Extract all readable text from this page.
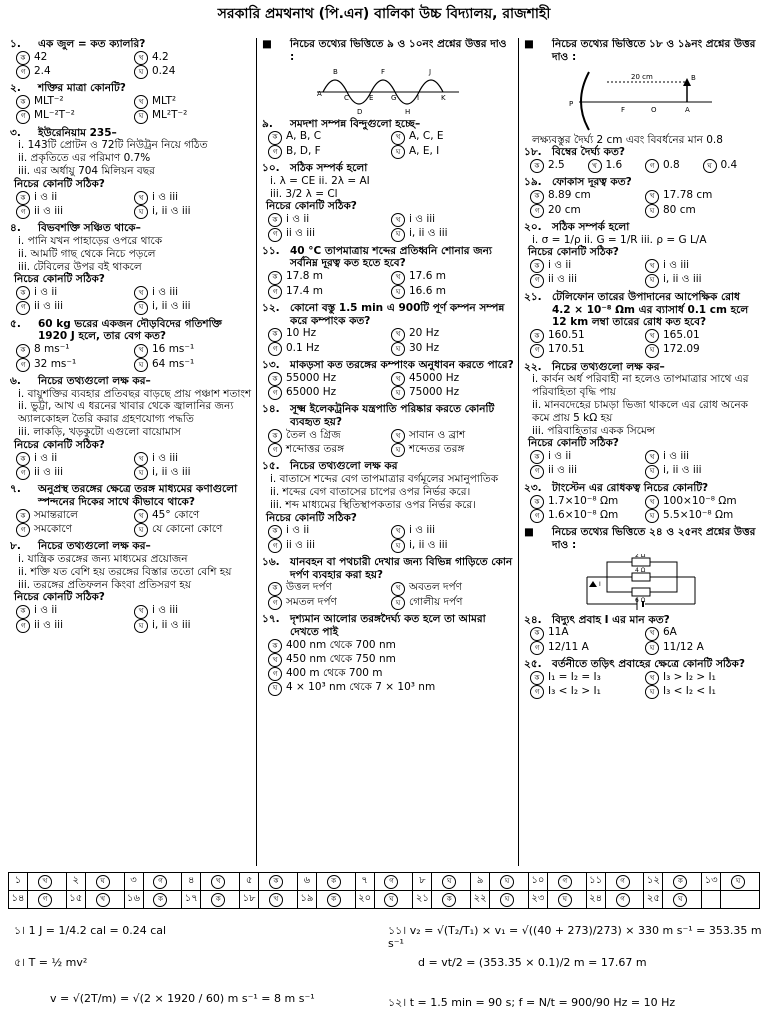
সরকারি প্রমথনাথ (পি.এন) বালিকা উচ্চ বিদ্যালয়, রাজশাহী
১.	এক জুল = কত ক্যালরি?
ক 42	খ 4.2
গ 2.4	ঘ 0.24
২.	শক্তির মাত্রা কোনটি?
ক MLT⁻²	খ MLT²
গ ML⁻²T⁻²	ঘ ML²T⁻²
৩.	ইউরেনিয়াম 235–
i. 143টি প্রোটন ও 72টি নিউট্রন নিয়ে গঠিত
ii. প্রকৃতিতে এর পরিমাণ 0.7%
iii. এর অর্ধায়ু 704 মিলিয়ন বছর
নিচের কোনটি সঠিক?
ক i ও ii	খ i ও iii
গ ii ও iii	ঘ i, ii ও iii
৪.	বিভবশক্তি সঞ্চিত থাকে–
i. পানি যখন পাহাড়ের ওপরে থাকে
ii. আমটি গাছ থেকে নিচে পড়লে
iii. টেবিলের উপর বই থাকলে
নিচের কোনটি সঠিক?
ক i ও ii	খ i ও iii
গ ii ও iii	ঘ i, ii ও iii
৫.	60 kg ভরের একজন দৌড়বিদের গতিশক্তি 1920 J হলে, তার বেগ কত?
ক 8 ms⁻¹	খ 16 ms⁻¹
গ 32 ms⁻¹	ঘ 64 ms⁻¹
৬.	নিচের তথ্যগুলো লক্ষ কর–
i. বায়ুশক্তির ব্যবহার প্রতিবছর বাড়ছে প্রায় পঞ্চাশ শতাংশ
ii. ভুট্টা, আখ এ ধরনের খাবার থেকে জ্বালানির জন্য অ্যালকোহল তৈরি করার গ্রহণযোগ্য পদ্ধতি
iii. লাকড়ি, খড়কুটো এগুলো বায়োমাস
নিচের কোনটি সঠিক?
ক i ও ii	খ i ও iii
গ ii ও iii	ঘ i, ii ও iii
৭.	অনুপ্রস্থ তরঙ্গের ক্ষেত্রে তরঙ্গ মাধ্যমের কণাগুলো স্পন্দনের দিকের সাথে কীভাবে থাকে?
ক সমান্তরালে	খ 45° কোণে
গ সমকোণে	ঘ যে কোনো কোণে
৮.	নিচের তথ্যগুলো লক্ষ কর–
i. যান্ত্রিক তরঙ্গের জন্য মাধ্যমের প্রয়োজন
ii. শক্তি যত বেশি হয় তরঙ্গের বিস্তার ততো বেশি হয়
iii. তরঙ্গের প্রতিফলন কিংবা প্রতিসরণ হয়
নিচের কোনটি সঠিক?
ক i ও ii	খ i ও iii
গ ii ও iii	ঘ i, ii ও iii
■	নিচের তথ্যের ভিত্তিতে ৯ ও ১০নং প্রশ্নের উত্তর দাও :
A
B
C
D
E
F
G
H
I
J
K
৯.	সমদশা সম্পন্ন বিন্দুগুলো হচ্ছে–
ক A, B, C	খ A, C, E
গ B, D, F	ঘ A, E, I
১০. সঠিক সম্পর্ক হলো
i. λ = CE ii. 2λ = AI
iii. 3/2 λ = Cl
নিচের কোনটি সঠিক?
ক i ও ii	খ i ও iii
গ ii ও iii	ঘ i, ii ও iii
১১. 40 °C তাপমাত্রায় শব্দের প্রতিধ্বনি শোনার জন্য সর্বনিম্ন দূরত্ব কত হতে হবে?
ক 17.8 m	খ 17.6 m
গ 17.4 m	ঘ 16.6 m
১২. কোনো বস্তু 1.5 min এ 900টি পূর্ণ কম্পন সম্পন্ন করে কম্পাংক কত?
ক 10 Hz	খ 20 Hz
গ 0.1 Hz	ঘ 30 Hz
১৩. মাকড়সা কত তরঙ্গের কম্পাংক অনুধাবন করতে পারে?
ক 55000 Hz	খ 45000 Hz
গ 65000 Hz	ঘ 75000 Hz
১৪. সূক্ষ্ম ইলেকট্রনিক যন্ত্রপাতি পরিষ্কার করতে কোনটি ব্যবহৃত হয়?
ক তৈল ও গ্রিজ	খ সাবান ও ব্রাশ
গ শব্দোত্তর তরঙ্গ	ঘ শব্দেতর তরঙ্গ
১৫. নিচের তথ্যগুলো লক্ষ কর
i. বাতাসে শব্দের বেগ তাপমাত্রার বর্গমূলের সমানুপাতিক
ii. শব্দের বেগ বাতাসের চাপের ওপর নির্ভর করে।
iii. শব্দ মাধ্যমের স্থিতিস্থাপকতার ওপর নির্ভর করে।
নিচের কোনটি সঠিক?
ক i ও ii	খ i ও iii
গ ii ও iii	ঘ i, ii ও iii
১৬. যানবহন বা পথচারী দেখার জন্য বিভিন্ন গাড়িতে কোন দর্পণ ব্যবহার করা হয়?
ক উত্তল দর্পণ	খ অবতল দর্পণ
গ সমতল দর্পণ	ঘ গোলীয় দর্পণ
১৭. দৃশ্যমান আলোর তরঙ্গদৈর্ঘ্য কত হলে তা আমরা দেখতে পাই
ক 400 nm থেকে 700 nm
খ 450 nm থেকে 750 nm
গ 400 m থেকে 700 m
ঘ 4 × 10³ nm থেকে 7 × 10³ nm
■	নিচের তথ্যের ভিত্তিতে ১৮ ও ১৯নং প্রশ্নের উত্তর দাও :
P
F	O	A
B
20 cm
লক্ষ্যবস্তুর দৈর্ঘ্য 2 cm এবং বিবর্ধনের মান 0.8
১৮. বিম্বের দৈর্ঘ্য কত?
ক 2.5	খ 1.6	গ 0.8	ঘ 0.4
১৯. ফোকাস দূরত্ব কত?
ক 8.89 cm	খ 17.78 cm
গ 20 cm	ঘ 80 cm
২০. সঠিক সম্পর্ক হলো
i. σ = 1/ρ ii. G = 1/R iii. ρ = G L/A
নিচের কোনটি সঠিক?
ক i ও ii	খ i ও iii
গ ii ও iii	ঘ i, ii ও iii
২১. টেলিফোন তারের উপাদানের আপেক্ষিক রোধ 4.2 × 10⁻⁸ Ωm এর ব্যাসার্ধ 0.1 cm হলে 12 km লম্বা তারের রোধ কত হবে?
ক 160.51	খ 165.01
গ 170.51	ঘ 172.09
২২. নিচের তথ্যগুলো লক্ষ কর–
i. কার্বন অর্ধ পরিবাহী না হলেও তাপমাত্রার সাথে এর পরিবাহিতা বৃদ্ধি পায়
ii. মানবদেহের চামড়া ভিজা থাকলে এর রোধ অনেক কমে প্রায় 5 kΩ হয়
iii. পরিবাহিতার একক সিমেন্স
নিচের কোনটি সঠিক?
ক i ও ii	খ i ও iii
গ ii ও iii	ঘ i, ii ও iii
২৩. টাংস্টেন এর রোধকত্ব নিচের কোনটি?
ক 1.7×10⁻⁸ Ωm	খ 100×10⁻⁸ Ωm
গ 1.6×10⁻⁸ Ωm	ঘ 5.5×10⁻⁸ Ωm
■	নিচের তথ্যের ভিত্তিতে ২৪ ও ২৫নং প্রশ্নের উত্তর দাও :
2 Ω
4 Ω
6 Ω
I
২৪. বিদ্যুৎ প্রবাহ I এর মান কত?
ক 11A	খ 6A
গ 12/11 A	ঘ 11/12 A
২৫. বর্তনীতে তড়িৎ প্রবাহের ক্ষেত্রে কোনটি সঠিক?
ক I₁ = I₂ = I₃	খ I₃ > I₂ > I₁
গ I₃ < I₂ > I₁	ঘ I₃ < I₂ < I₁
১	খ	২	ঘ	৩	গ	৪	খ	৫	ক	৬	ক	৭	গ	৮	ঘ	৯	ঘ	১০	গ	১১	গ	১২	ক	১৩	ঘ
১৪	গ	১৫	খ	১৬	ক	১৭	ক	১৮	খ	১৯	ক	২০	ঘ	২১	ক	২২	ঘ	২৩	ঘ	২৪	গ	২৫	ঘ		
১। 1 J = 1/4.2 cal = 0.24 cal
৫। T = ½ mv²
v = √(2T/m) = √(2 × 1920 / 60) m s⁻¹ = 8 m s⁻¹
১১। v₂ = √(T₂/T₁) × v₁ = √((40 + 273)/273) × 330 m s⁻¹ = 353.35 m s⁻¹
d = vt/2 = (353.35 × 0.1)/2 m = 17.67 m
১২। t = 1.5 min = 90 s; f = N/t = 900/90 Hz = 10 Hz
